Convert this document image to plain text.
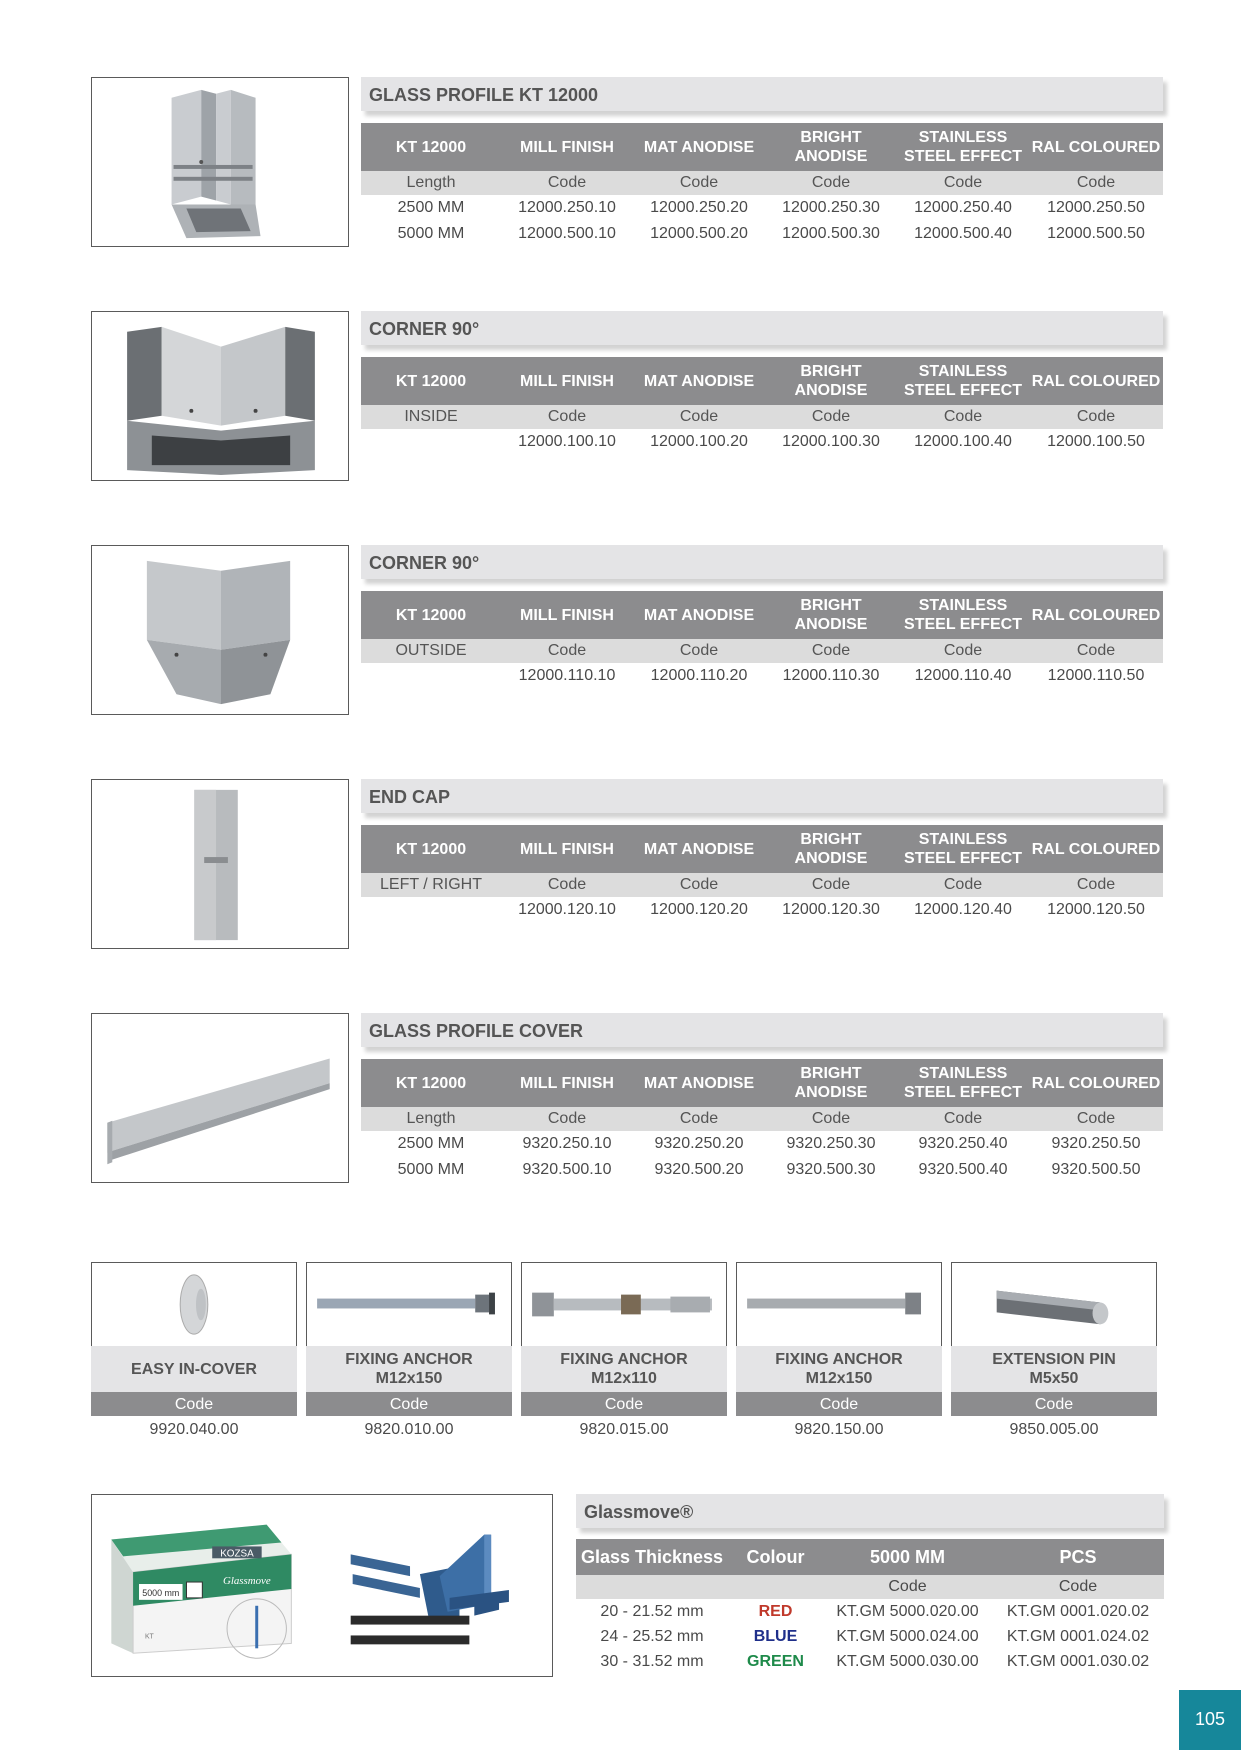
GLASS PROFILE KT 12000
KT 12000	MILL FINISH	MAT ANODISE	BRIGHT ANODISE	STAINLESS STEEL EFFECT	RAL COLOURED
Length	Code	Code	Code	Code	Code
2500 MM	12000.250.10	12000.250.20	12000.250.30	12000.250.40	12000.250.50
5000 MM	12000.500.10	12000.500.20	12000.500.30	12000.500.40	12000.500.50
CORNER 90°
KT 12000	MILL FINISH	MAT ANODISE	BRIGHT ANODISE	STAINLESS STEEL EFFECT	RAL COLOURED
INSIDE	Code	Code	Code	Code	Code
	12000.100.10	12000.100.20	12000.100.30	12000.100.40	12000.100.50
CORNER 90°
KT 12000	MILL FINISH	MAT ANODISE	BRIGHT ANODISE	STAINLESS STEEL EFFECT	RAL COLOURED
OUTSIDE	Code	Code	Code	Code	Code
	12000.110.10	12000.110.20	12000.110.30	12000.110.40	12000.110.50
END CAP
KT 12000	MILL FINISH	MAT ANODISE	BRIGHT ANODISE	STAINLESS STEEL EFFECT	RAL COLOURED
LEFT / RIGHT	Code	Code	Code	Code	Code
	12000.120.10	12000.120.20	12000.120.30	12000.120.40	12000.120.50
GLASS PROFILE COVER
KT 12000	MILL FINISH	MAT ANODISE	BRIGHT ANODISE	STAINLESS STEEL EFFECT	RAL COLOURED
Length	Code	Code	Code	Code	Code
2500 MM	9320.250.10	9320.250.20	9320.250.30	9320.250.40	9320.250.50
5000 MM	9320.500.10	9320.500.20	9320.500.30	9320.500.40	9320.500.50
EASY IN-COVER
Code
9920.040.00
FIXING ANCHOR
M12x150
Code
9820.010.00
FIXING ANCHOR
M12x110
Code
9820.015.00
FIXING ANCHOR
M12x150
Code
9820.150.00
EXTENSION PIN
M5x50
Code
9850.005.00
KOZSA
5000 mm
Glassmove
KT
Glassmove®
Glass Thickness	Colour	5000 MM	PCS
		Code	Code
20 - 21.52 mm	RED	KT.GM 5000.020.00	KT.GM 0001.020.02
24 - 25.52 mm	BLUE	KT.GM 5000.024.00	KT.GM 0001.024.02
30 - 31.52 mm	GREEN	KT.GM 5000.030.00	KT.GM 0001.030.02
105
